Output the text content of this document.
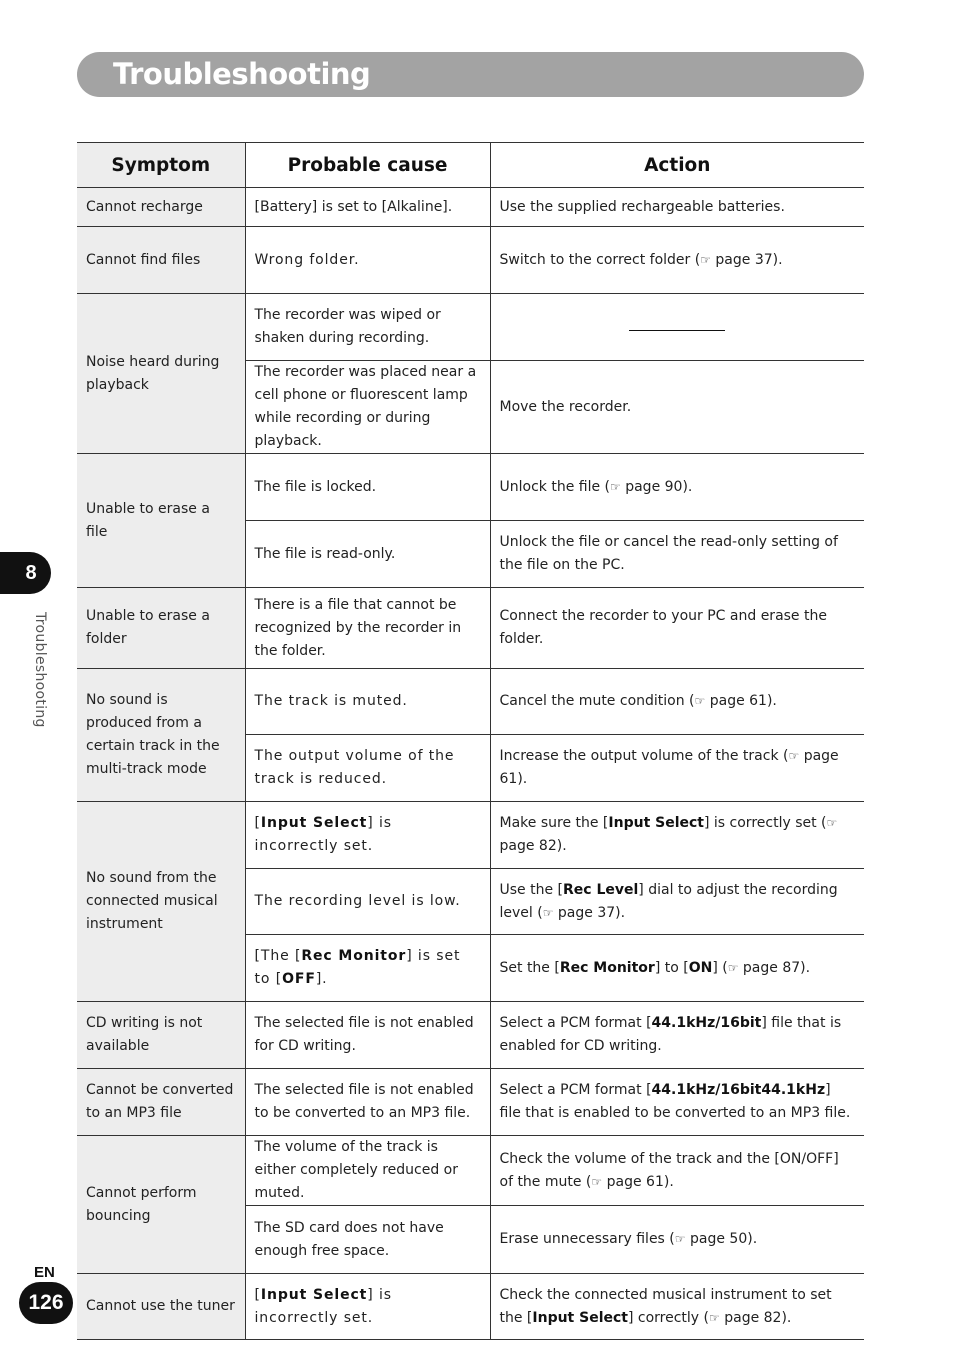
Troubleshooting
Symptom	Probable cause	Action
Cannot recharge	[Battery] is set to [Alkaline].	Use the supplied rechargeable batteries.
Cannot find files	Wrong folder.	Switch to the correct folder (☞ page 37).
Noise heard during playback	The recorder was wiped or shaken during recording.	
	The recorder was placed near a cell phone or fluorescent lamp while recording or during playback.	Move the recorder.
Unable to erase a file	The file is locked.	Unlock the file (☞ page 90).
	The file is read-only.	Unlock the file or cancel the read-only setting of the file on the PC.
Unable to erase a folder	There is a file that cannot be recognized by the recorder in the folder.	Connect the recorder to your PC and erase the folder.
No sound is produced from a certain track in the multi-track mode	The track is muted.	Cancel the mute condition (☞ page 61).
	The output volume of the track is reduced.	Increase the output volume of the track (☞ page 61).
No sound from the connected musical instrument	[Input Select] is incorrectly set.	Make sure the [Input Select] is correctly set (☞ page 82).
	The recording level is low.	Use the [Rec Level] dial to adjust the recording level (☞ page 37).
	[The [Rec Monitor] is set to [OFF].	Set the [Rec Monitor] to [ON] (☞ page 87).
CD writing is not available	The selected file is not enabled for CD writing.	Select a PCM format [44.1kHz/16bit] file that is enabled for CD writing.
Cannot be converted to an MP3 file	The selected file is not enabled to be converted to an MP3 file.	Select a PCM format [44.1kHz/16bit44.1kHz] file that is enabled to be converted to an MP3 file.
Cannot perform bouncing	The volume of the track is either completely reduced or muted.	Check the volume of the track and the [ON/OFF] of the mute (☞ page 61).
	The SD card does not have enough free space.	Erase unnecessary files (☞ page 50).
Cannot use the tuner	[Input Select] is incorrectly set.	Check the connected musical instrument to set the [Input Select] correctly (☞ page 82).
8
Troubleshooting
EN
126
